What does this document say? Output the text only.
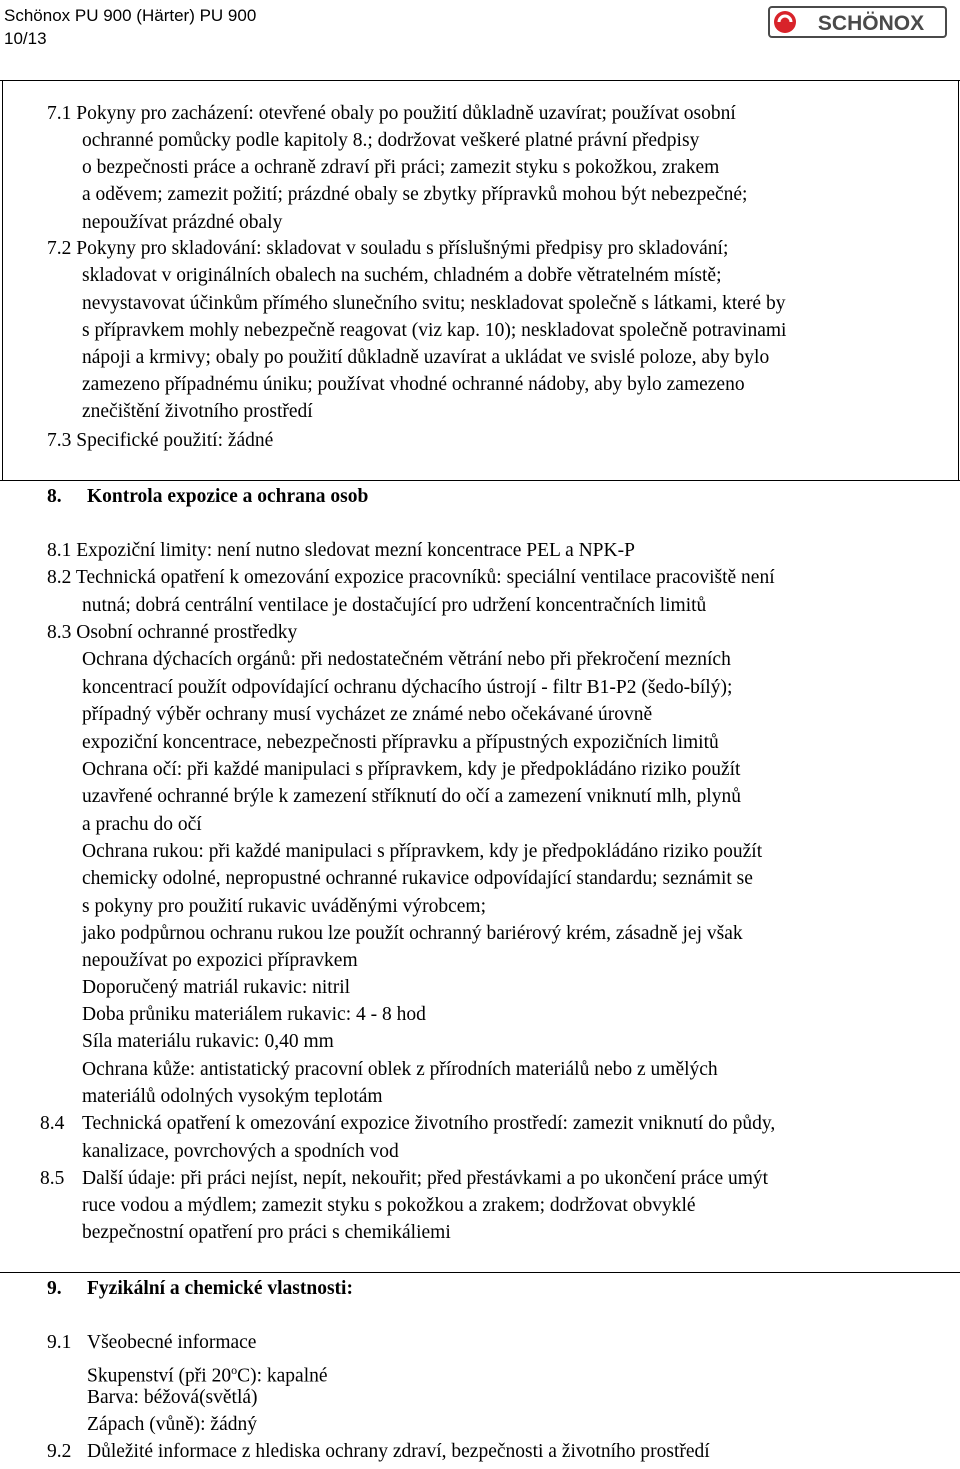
Schönox PU 900 (Härter) PU 900
10/13
SCHÖNOX
7.1 Pokyny pro zacházení: otevřené obaly po použití důkladně uzavírat; používat osobní
ochranné pomůcky podle kapitoly 8.; dodržovat veškeré platné právní předpisy
o bezpečnosti práce a ochraně zdraví při práci; zamezit styku s pokožkou, zrakem
a oděvem; zamezit požití; prázdné obaly se zbytky přípravků mohou být nebezpečné;
nepoužívat prázdné obaly
7.2 Pokyny pro skladování: skladovat v souladu s příslušnými předpisy pro skladování;
skladovat v originálních obalech na suchém, chladném a dobře větratelném místě;
nevystavovat účinkům přímého slunečního svitu; neskladovat společně s látkami, které by
s přípravkem mohly nebezpečně reagovat (viz kap. 10); neskladovat společně potravinami
nápoji a krmivy; obaly po použití důkladně uzavírat a ukládat ve svislé poloze, aby bylo
zamezeno případnému úniku; používat vhodné ochranné nádoby, aby bylo zamezeno
znečištění životního prostředí
7.3 Specifické použití: žádné
8. Kontrola expozice a ochrana osob
8.1 Expoziční limity: není nutno sledovat mezní koncentrace PEL a NPK-P
8.2 Technická opatření k omezování expozice pracovníků: speciální ventilace pracoviště není
nutná; dobrá centrální ventilace je dostačující pro udržení koncentračních limitů
8.3 Osobní ochranné prostředky
Ochrana dýchacích orgánů: při nedostatečném větrání nebo při překročení mezních
koncentrací použít odpovídající ochranu dýchacího ústrojí - filtr B1-P2 (šedo-bílý);
případný výběr ochrany musí vycházet ze známé nebo očekávané úrovně
expoziční koncentrace, nebezpečnosti přípravku a přípustných expozičních limitů
Ochrana očí: při každé manipulaci s přípravkem, kdy je předpokládáno riziko použít
uzavřené ochranné brýle k zamezení stříknutí do očí a zamezení vniknutí mlh, plynů
a prachu do očí
Ochrana rukou: při každé manipulaci s přípravkem, kdy je předpokládáno riziko použít
chemicky odolné, nepropustné ochranné rukavice odpovídající standardu; seznámit se
s pokyny pro použití rukavic uváděnými výrobcem;
jako podpůrnou ochranu rukou lze použít ochranný bariérový krém, zásadně jej však
nepoužívat po expozici přípravkem
Doporučený matriál rukavic: nitril
Doba průniku materiálem rukavic: 4 - 8 hod
Síla materiálu rukavic: 0,40 mm
Ochrana kůže: antistatický pracovní oblek z přírodních materiálů nebo z umělých
materiálů odolných vysokým teplotám
8.4 Technická opatření k omezování expozice životního prostředí: zamezit vniknutí do půdy,
kanalizace, povrchových a spodních vod
8.5 Další údaje: při práci nejíst, nepít, nekouřit; před přestávkami a po ukončení práce umýt
ruce vodou a mýdlem; zamezit styku s pokožkou a zrakem; dodržovat obvyklé
bezpečnostní opatření pro práci s chemikáliemi
9. Fyzikální a chemické vlastnosti:
9.1 Všeobecné informace
Skupenství (při 20$^o$C): kapalné
Barva: béžová(světlá)
Zápach (vůně): žádný
9.2 Důležité informace z hlediska ochrany zdraví, bezpečnosti a životního prostředí
